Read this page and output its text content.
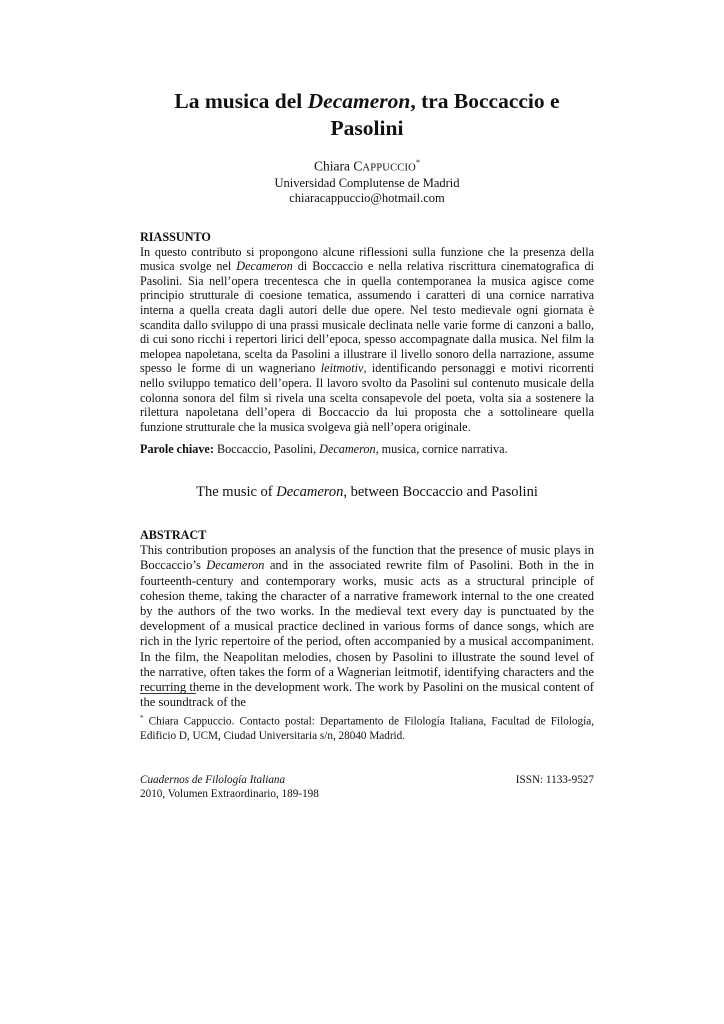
La musica del Decameron, tra Boccaccio e Pasolini
Chiara CAPPUCCIO*
Universidad Complutense de Madrid
chiaracappuccio@hotmail.com
RIASSUNTO
In questo contributo si propongono alcune riflessioni sulla funzione che la presenza della musica svolge nel Decameron di Boccaccio e nella relativa riscrittura cinematografica di Pasolini. Sia nell’opera trecentesca che in quella contemporanea la musica agisce come principio strutturale di coesione tematica, assumendo i caratteri di una cornice narrativa interna a quella creata dagli autori delle due opere. Nel testo medievale ogni giornata è scandita dallo sviluppo di una prassi musicale declinata nelle varie forme di canzoni a ballo, di cui sono ricchi i repertori lirici dell’epoca, spesso accompagnate dalla musica. Nel film la melopea napoletana, scelta da Pasolini a illustrare il livello sonoro della narrazione, assume spesso le forme di un wagneriano leitmotiv, identificando personaggi e motivi ricorrenti nello sviluppo tematico dell’opera. Il lavoro svolto da Pasolini sul contenuto musicale della colonna sonora del film si rivela una scelta consapevole del poeta, volta sia a sostenere la rilettura napoletana dell’opera di Boccaccio da lui proposta che a sottolineare quella funzione strutturale che la musica svolgeva già nell’opera originale.
Parole chiave: Boccaccio, Pasolini, Decameron, musica, cornice narrativa.
The music of Decameron, between Boccaccio and Pasolini
ABSTRACT
This contribution proposes an analysis of the function that the presence of music plays in Boccaccio’s Decameron and in the associated rewrite film of Pasolini. Both in the in fourteenth-century and contemporary works, music acts as a structural principle of cohesion theme, taking the character of a narrative framework internal to the one created by the authors of the two works. In the medieval text every day is punctuated by the development of a musical practice declined in various forms of dance songs, which are rich in the lyric repertoire of the period, often accompanied by a musical accompaniment. In the film, the Neapolitan melodies, chosen by Pasolini to illustrate the sound level of the narrative, often takes the form of a Wagnerian leitmotif, identifying characters and the recurring theme in the development work. The work by Pasolini on the musical content of the soundtrack of the
* Chiara Cappuccio. Contacto postal: Departamento de Filología Italiana, Facultad de Filología, Edificio D, UCM, Ciudad Universitaria s/n, 28040 Madrid.
Cuadernos de Filología Italiana
2010, Volumen Extraordinario, 189-198
ISSN: 1133-9527
